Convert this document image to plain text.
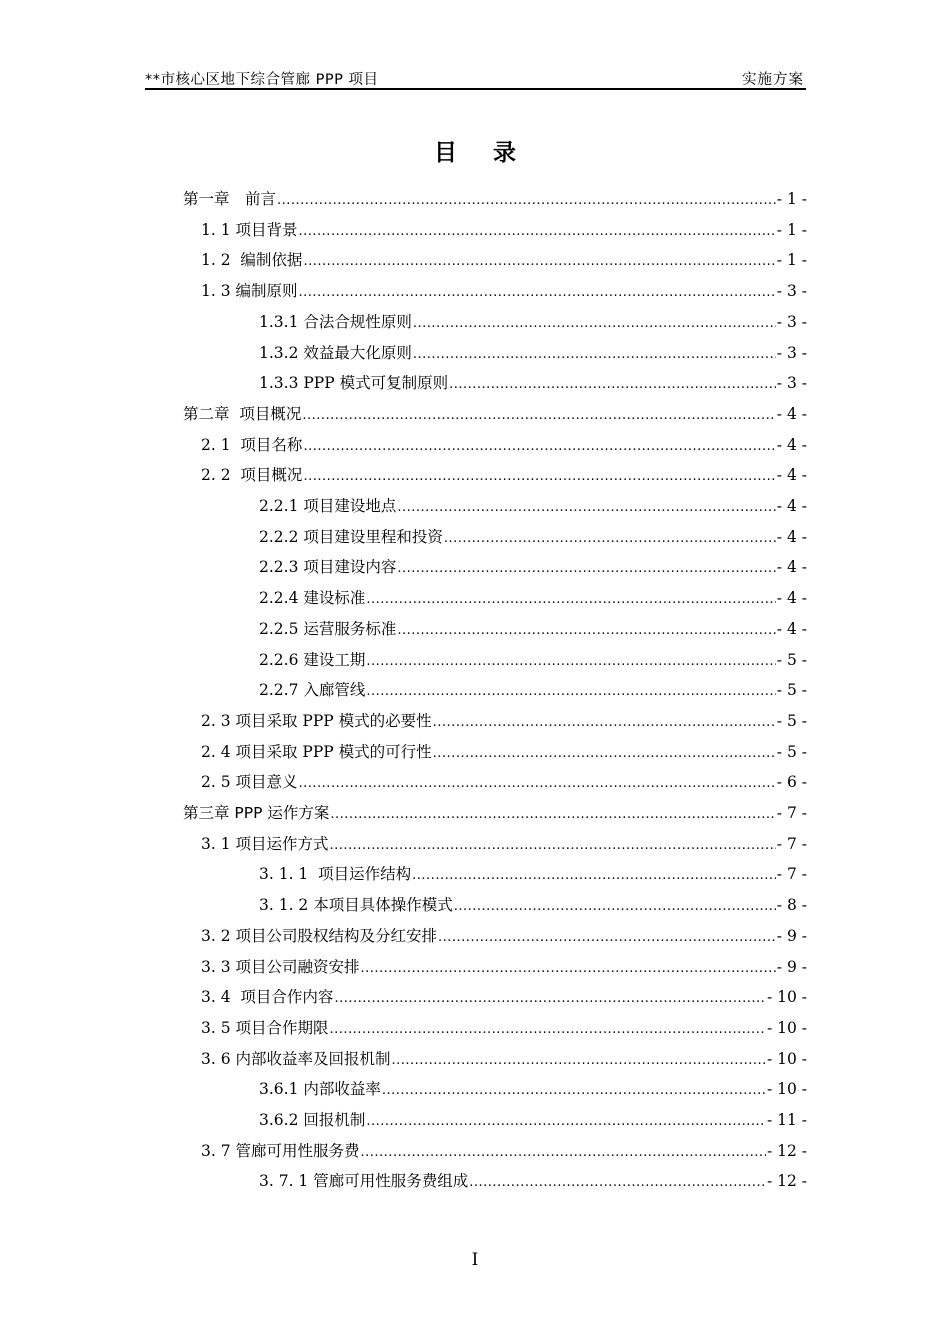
**市核心区地下综合管廊 PPP 项目	实施方案
目录
第一章　前言 .....	- 1 -
1. 1 项目背景 .....	- 1 -
1. 2  编制依据 .....	- 1 -
1. 3 编制原则 .....	- 3 -
1.3.1 合法合规性原则 .....	- 3 -
1.3.2 效益最大化原则 .....	- 3 -
1.3.3 PPP 模式可复制原则 .....	- 3 -
第二章  项目概况 .....	- 4 -
2. 1  项目名称 .....	- 4 -
2. 2  项目概况 .....	- 4 -
2.2.1 项目建设地点 .....	- 4 -
2.2.2 项目建设里程和投资 .....	- 4 -
2.2.3 项目建设内容 .....	- 4 -
2.2.4 建设标准 .....	- 4 -
2.2.5 运营服务标准 .....	- 4 -
2.2.6 建设工期 .....	- 5 -
2.2.7 入廊管线 .....	- 5 -
2. 3 项目采取 PPP 模式的必要性 .....	- 5 -
2. 4 项目采取 PPP 模式的可行性 .....	- 5 -
2. 5 项目意义 .....	- 6 -
第三章 PPP 运作方案 .....	- 7 -
3. 1 项目运作方式 .....	- 7 -
3. 1. 1  项目运作结构 .....	- 7 -
3. 1. 2 本项目具体操作模式 .....	- 8 -
3. 2 项目公司股权结构及分红安排 .....	- 9 -
3. 3 项目公司融资安排 .....	- 9 -
3. 4  项目合作内容 .....	- 10 -
3. 5 项目合作期限 .....	- 10 -
3. 6 内部收益率及回报机制 .....	- 10 -
3.6.1 内部收益率 .....	- 10 -
3.6.2 回报机制 .....	- 11 -
3. 7 管廊可用性服务费 .....	- 12 -
3. 7. 1 管廊可用性服务费组成 .....	- 12 -
I
